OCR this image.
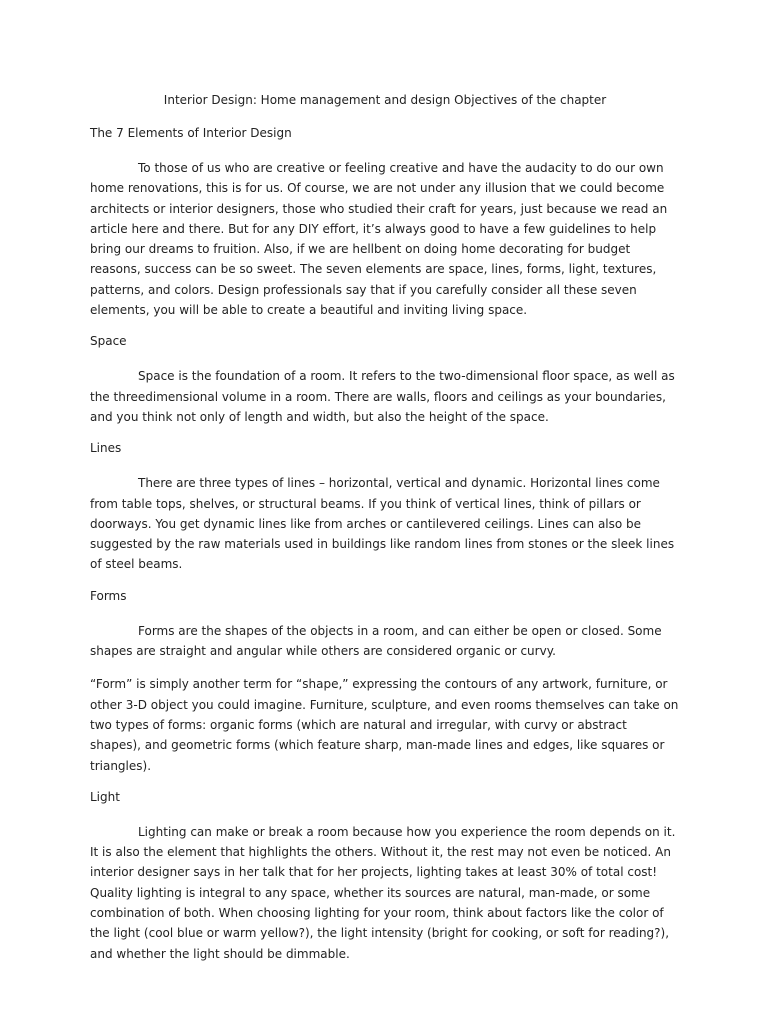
Interior Design: Home management and design Objectives of the chapter

The 7 Elements of Interior Design

To those of us who are creative or feeling creative and have the audacity to do our own home renovations, this is for us. Of course, we are not under any illusion that we could become architects or interior designers, those who studied their craft for years, just because we read an article here and there. But for any DIY effort, it’s always good to have a few guidelines to help bring our dreams to fruition. Also, if we are hellbent on doing home decorating for budget reasons, success can be so sweet. The seven elements are space, lines, forms, light, textures, patterns, and colors. Design professionals say that if you carefully consider all these seven elements, you will be able to create a beautiful and inviting living space.

Space

Space is the foundation of a room. It refers to the two-dimensional floor space, as well as the threedimensional volume in a room. There are walls, floors and ceilings as your boundaries, and you think not only of length and width, but also the height of the space.

Lines

There are three types of lines – horizontal, vertical and dynamic. Horizontal lines come from table tops, shelves, or structural beams. If you think of vertical lines, think of pillars or doorways. You get dynamic lines like from arches or cantilevered ceilings. Lines can also be suggested by the raw materials used in buildings like random lines from stones or the sleek lines of steel beams.

Forms

Forms are the shapes of the objects in a room, and can either be open or closed. Some shapes are straight and angular while others are considered organic or curvy.

“Form” is simply another term for “shape,” expressing the contours of any artwork, furniture, or other 3-D object you could imagine. Furniture, sculpture, and even rooms themselves can take on two types of forms: organic forms (which are natural and irregular, with curvy or abstract shapes), and geometric forms (which feature sharp, man-made lines and edges, like squares or triangles).

Light

Lighting can make or break a room because how you experience the room depends on it. It is also the element that highlights the others. Without it, the rest may not even be noticed. An interior designer says in her talk that for her projects, lighting takes at least 30% of total cost! Quality lighting is integral to any space, whether its sources are natural, man-made, or some combination of both. When choosing lighting for your room, think about factors like the color of the light (cool blue or warm yellow?), the light intensity (bright for cooking, or soft for reading?), and whether the light should be dimmable.
